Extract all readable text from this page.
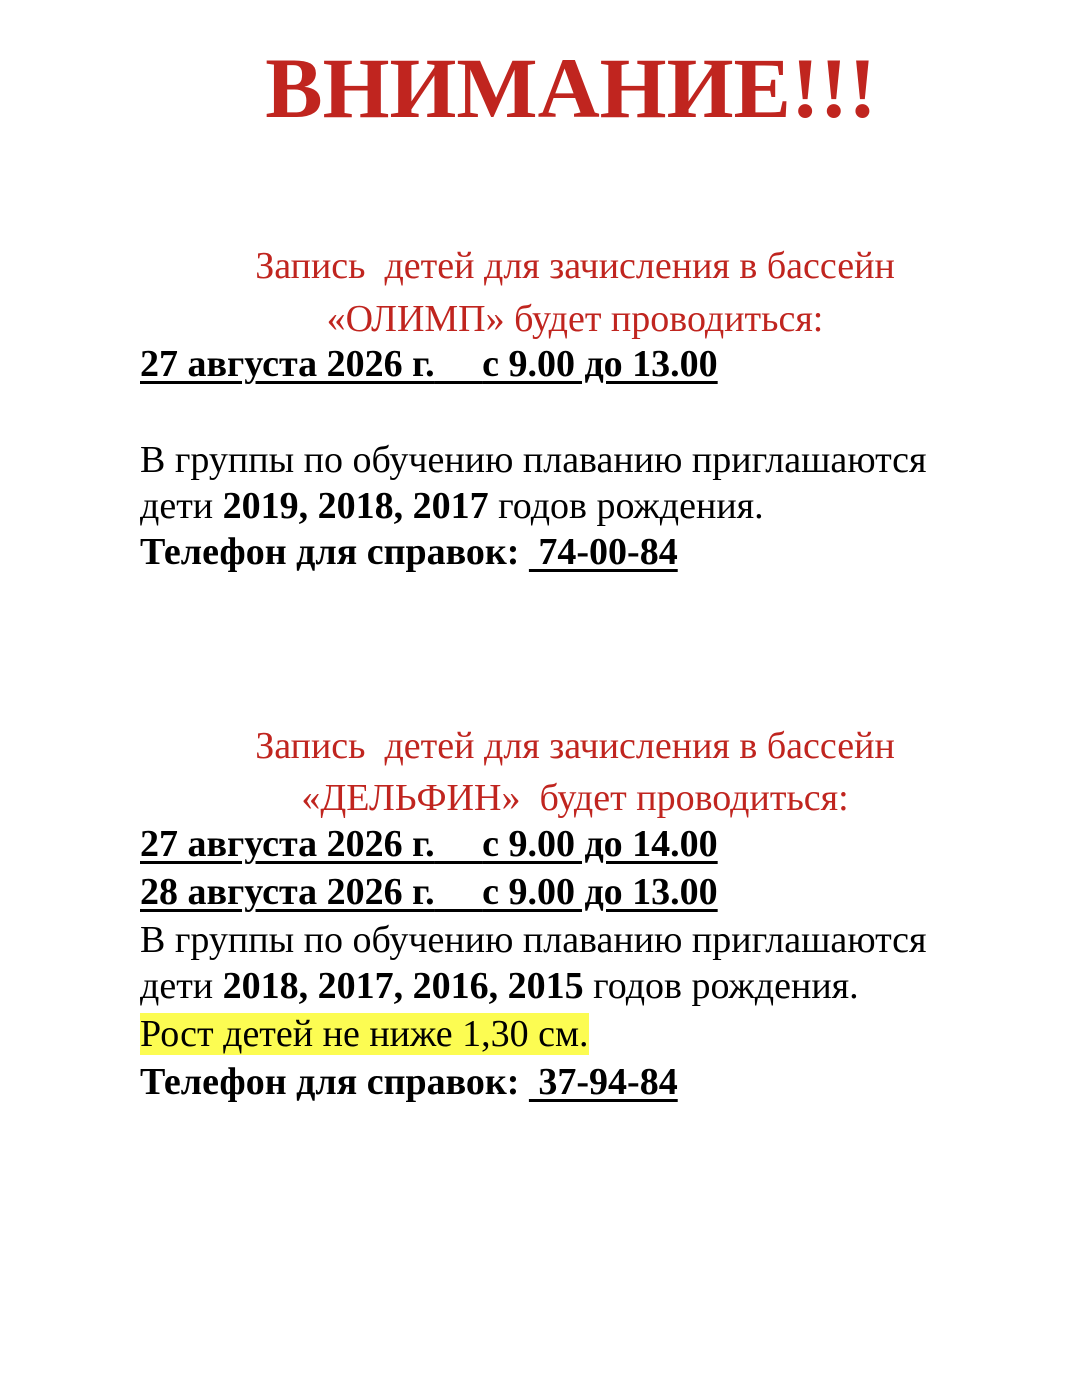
ВНИМАНИЕ!!!
Запись  детей для зачисления в бассейн
«ОЛИМП» будет проводиться:
27 августа 2026 г. с 9.00 до 13.00
В группы по обучению плаванию приглашаются
дети 2019, 2018, 2017 годов рождения.
Телефон для справок:  74-00-84
Запись  детей для зачисления в бассейн
«ДЕЛЬФИН»  будет проводиться:
27 августа 2026 г. с 9.00 до 14.00
28 августа 2026 г. с 9.00 до 13.00
В группы по обучению плаванию приглашаются
дети 2018, 2017, 2016, 2015 годов рождения.
Рост детей не ниже 1,30 см.
Телефон для справок:  37-94-84
